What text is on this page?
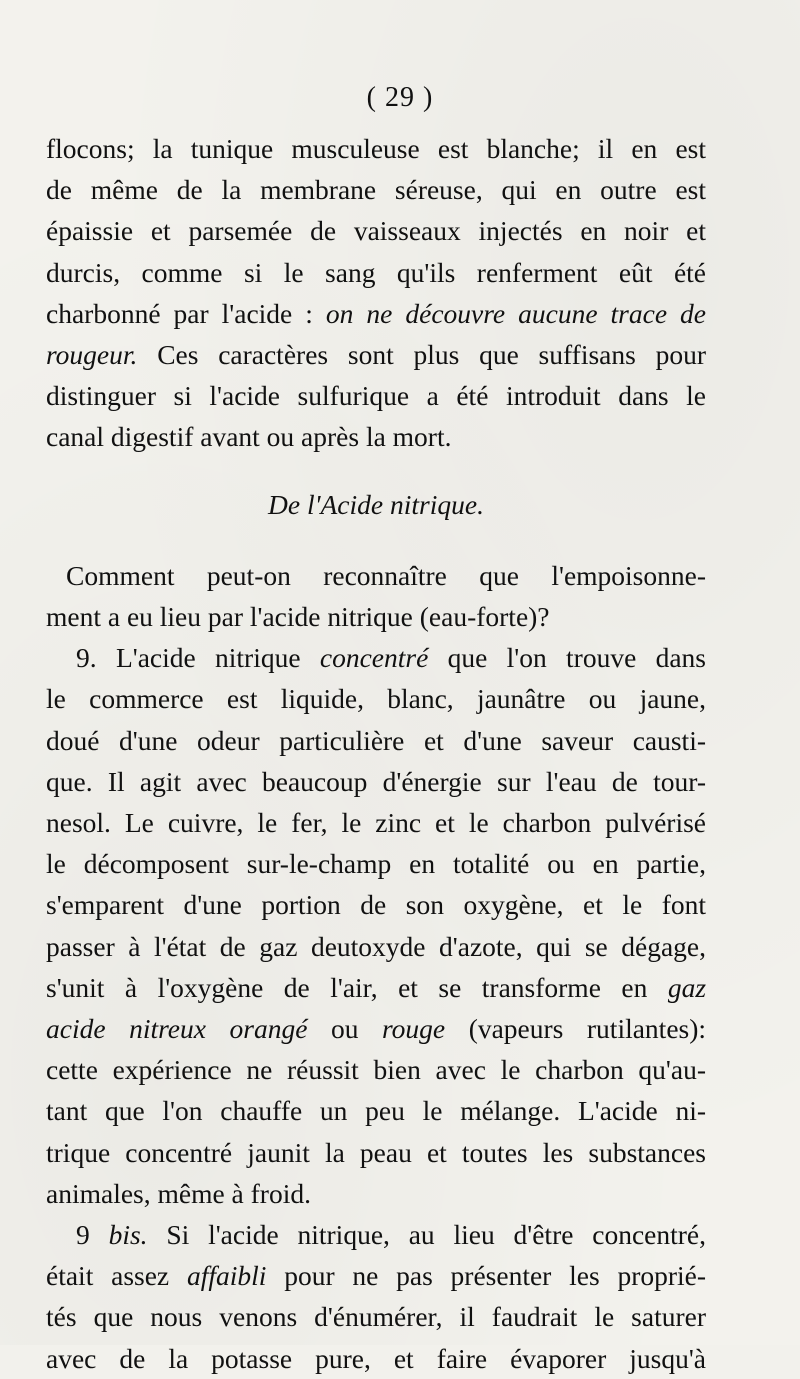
( 29 )
flocons; la tunique musculeuse est blanche; il en est
de même de la membrane séreuse, qui en outre est
épaissie et parsemée de vaisseaux injectés en noir et
durcis, comme si le sang qu'ils renferment eût été
charbonné par l'acide : on ne découvre aucune trace de
rougeur. Ces caractères sont plus que suffisans pour
distinguer si l'acide sulfurique a été introduit dans le
canal digestif avant ou après la mort.
De l'Acide nitrique.
Comment peut-on reconnaître que l'empoisonne-
ment a eu lieu par l'acide nitrique (eau-forte)?
9. L'acide nitrique concentré que l'on trouve dans
le commerce est liquide, blanc, jaunâtre ou jaune,
doué d'une odeur particulière et d'une saveur causti-
que. Il agit avec beaucoup d'énergie sur l'eau de tour-
nesol. Le cuivre, le fer, le zinc et le charbon pulvérisé
le décomposent sur-le-champ en totalité ou en partie,
s'emparent d'une portion de son oxygène, et le font
passer à l'état de gaz deutoxyde d'azote, qui se dégage,
s'unit à l'oxygène de l'air, et se transforme en gaz
acide nitreux orangé ou rouge (vapeurs rutilantes):
cette expérience ne réussit bien avec le charbon qu'au-
tant que l'on chauffe un peu le mélange. L'acide ni-
trique concentré jaunit la peau et toutes les substances
animales, même à froid.
9 bis. Si l'acide nitrique, au lieu d'être concentré,
était assez affaibli pour ne pas présenter les proprié-
tés que nous venons d'énumérer, il faudrait le saturer
avec de la potasse pure, et faire évaporer jusqu'à
